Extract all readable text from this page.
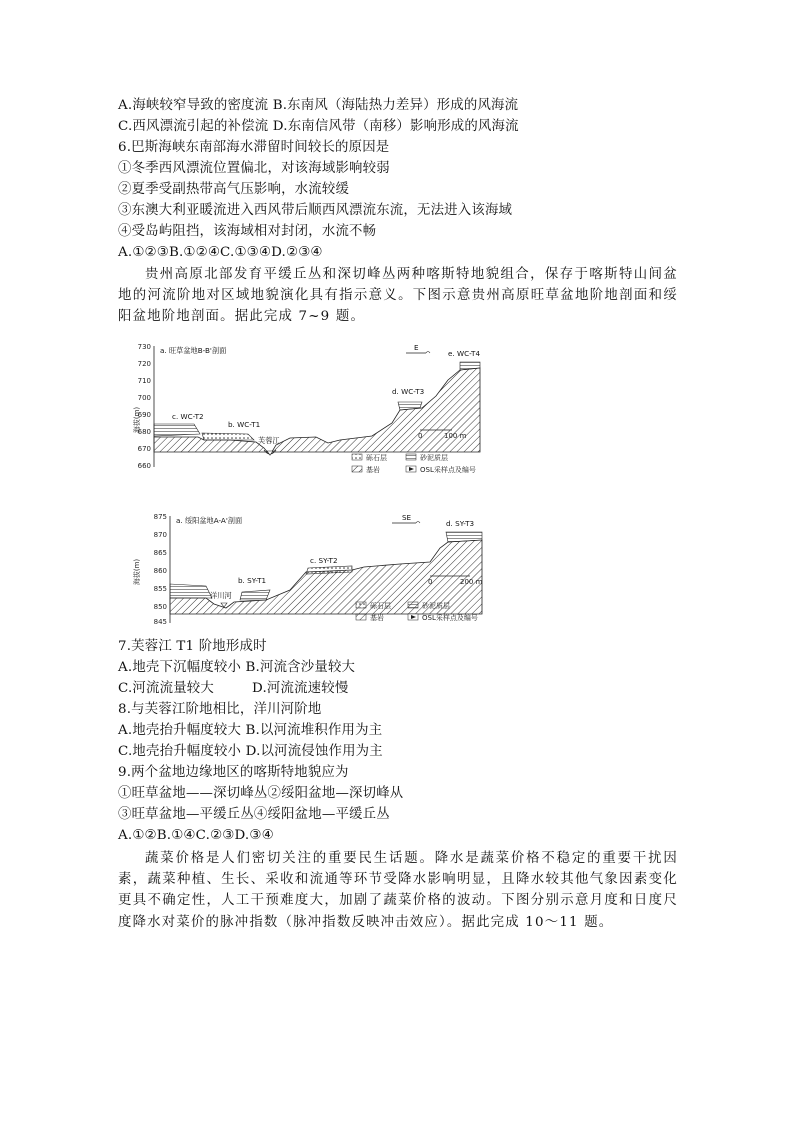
A.海峡较窄导致的密度流 B.东南风（海陆热力差异）形成的风海流
C.西风漂流引起的补偿流 D.东南信风带（南移）影响形成的风海流
6.巴斯海峡东南部海水滞留时间较长的原因是
①冬季西风漂流位置偏北，对该海域影响较弱
②夏季受副热带高气压影响，水流较缓
③东澳大利亚暖流进入西风带后顺西风漂流东流，无法进入该海域
④受岛屿阻挡，该海域相对封闭，水流不畅
A.①②③B.①②④C.①③④D.②③④
贵州高原北部发育平缓丘丛和深切峰丛两种喀斯特地貌组合，保存于喀斯特山间盆地的河流阶地对区域地貌演化具有指示意义。下图示意贵州高原旺草盆地阶地剖面和绥阳盆地阶地剖面。据此完成 7~9 题。
730
720
710
700
690
680
670
660
海拔(m)
a. 旺草盆地B-B'剖面
芙蓉江
c. WC-T2
b. WC-T1
d. WC-T3
e. WC-T4
E
0	100 m
砾石层	砂泥质层
基岩	OSL采样点及编号
875
870
865
860
855
850
845
海拔(m)
a. 绥阳盆地A-A'剖面
洋川河
b. SY-T1
c. SY-T2
d. SY-T3
SE
0	200 m
砾石层	砂泥质层
基岩	OSL采样点及编号
7.芙蓉江 T1 阶地形成时
A.地壳下沉幅度较小 B.河流含沙量较大
C.河流流量较大	D.河流流速较慢
8.与芙蓉江阶地相比，洋川河阶地
A.地壳抬升幅度较大 B.以河流堆积作用为主
C.地壳抬升幅度较小 D.以河流侵蚀作用为主
9.两个盆地边缘地区的喀斯特地貌应为
①旺草盆地——深切峰丛②绥阳盆地—深切峰从
③旺草盆地—平缓丘丛④绥阳盆地—平缓丘丛
A.①②B.①④C.②③D.③④
蔬菜价格是人们密切关注的重要民生话题。降水是蔬菜价格不稳定的重要干扰因素，蔬菜种植、生长、采收和流通等环节受降水影响明显，且降水较其他气象因素变化更具不确定性，人工干预难度大，加剧了蔬菜价格的波动。下图分别示意月度和日度尺度降水对菜价的脉冲指数（脉冲指数反映冲击效应）。据此完成 10～11 题。
